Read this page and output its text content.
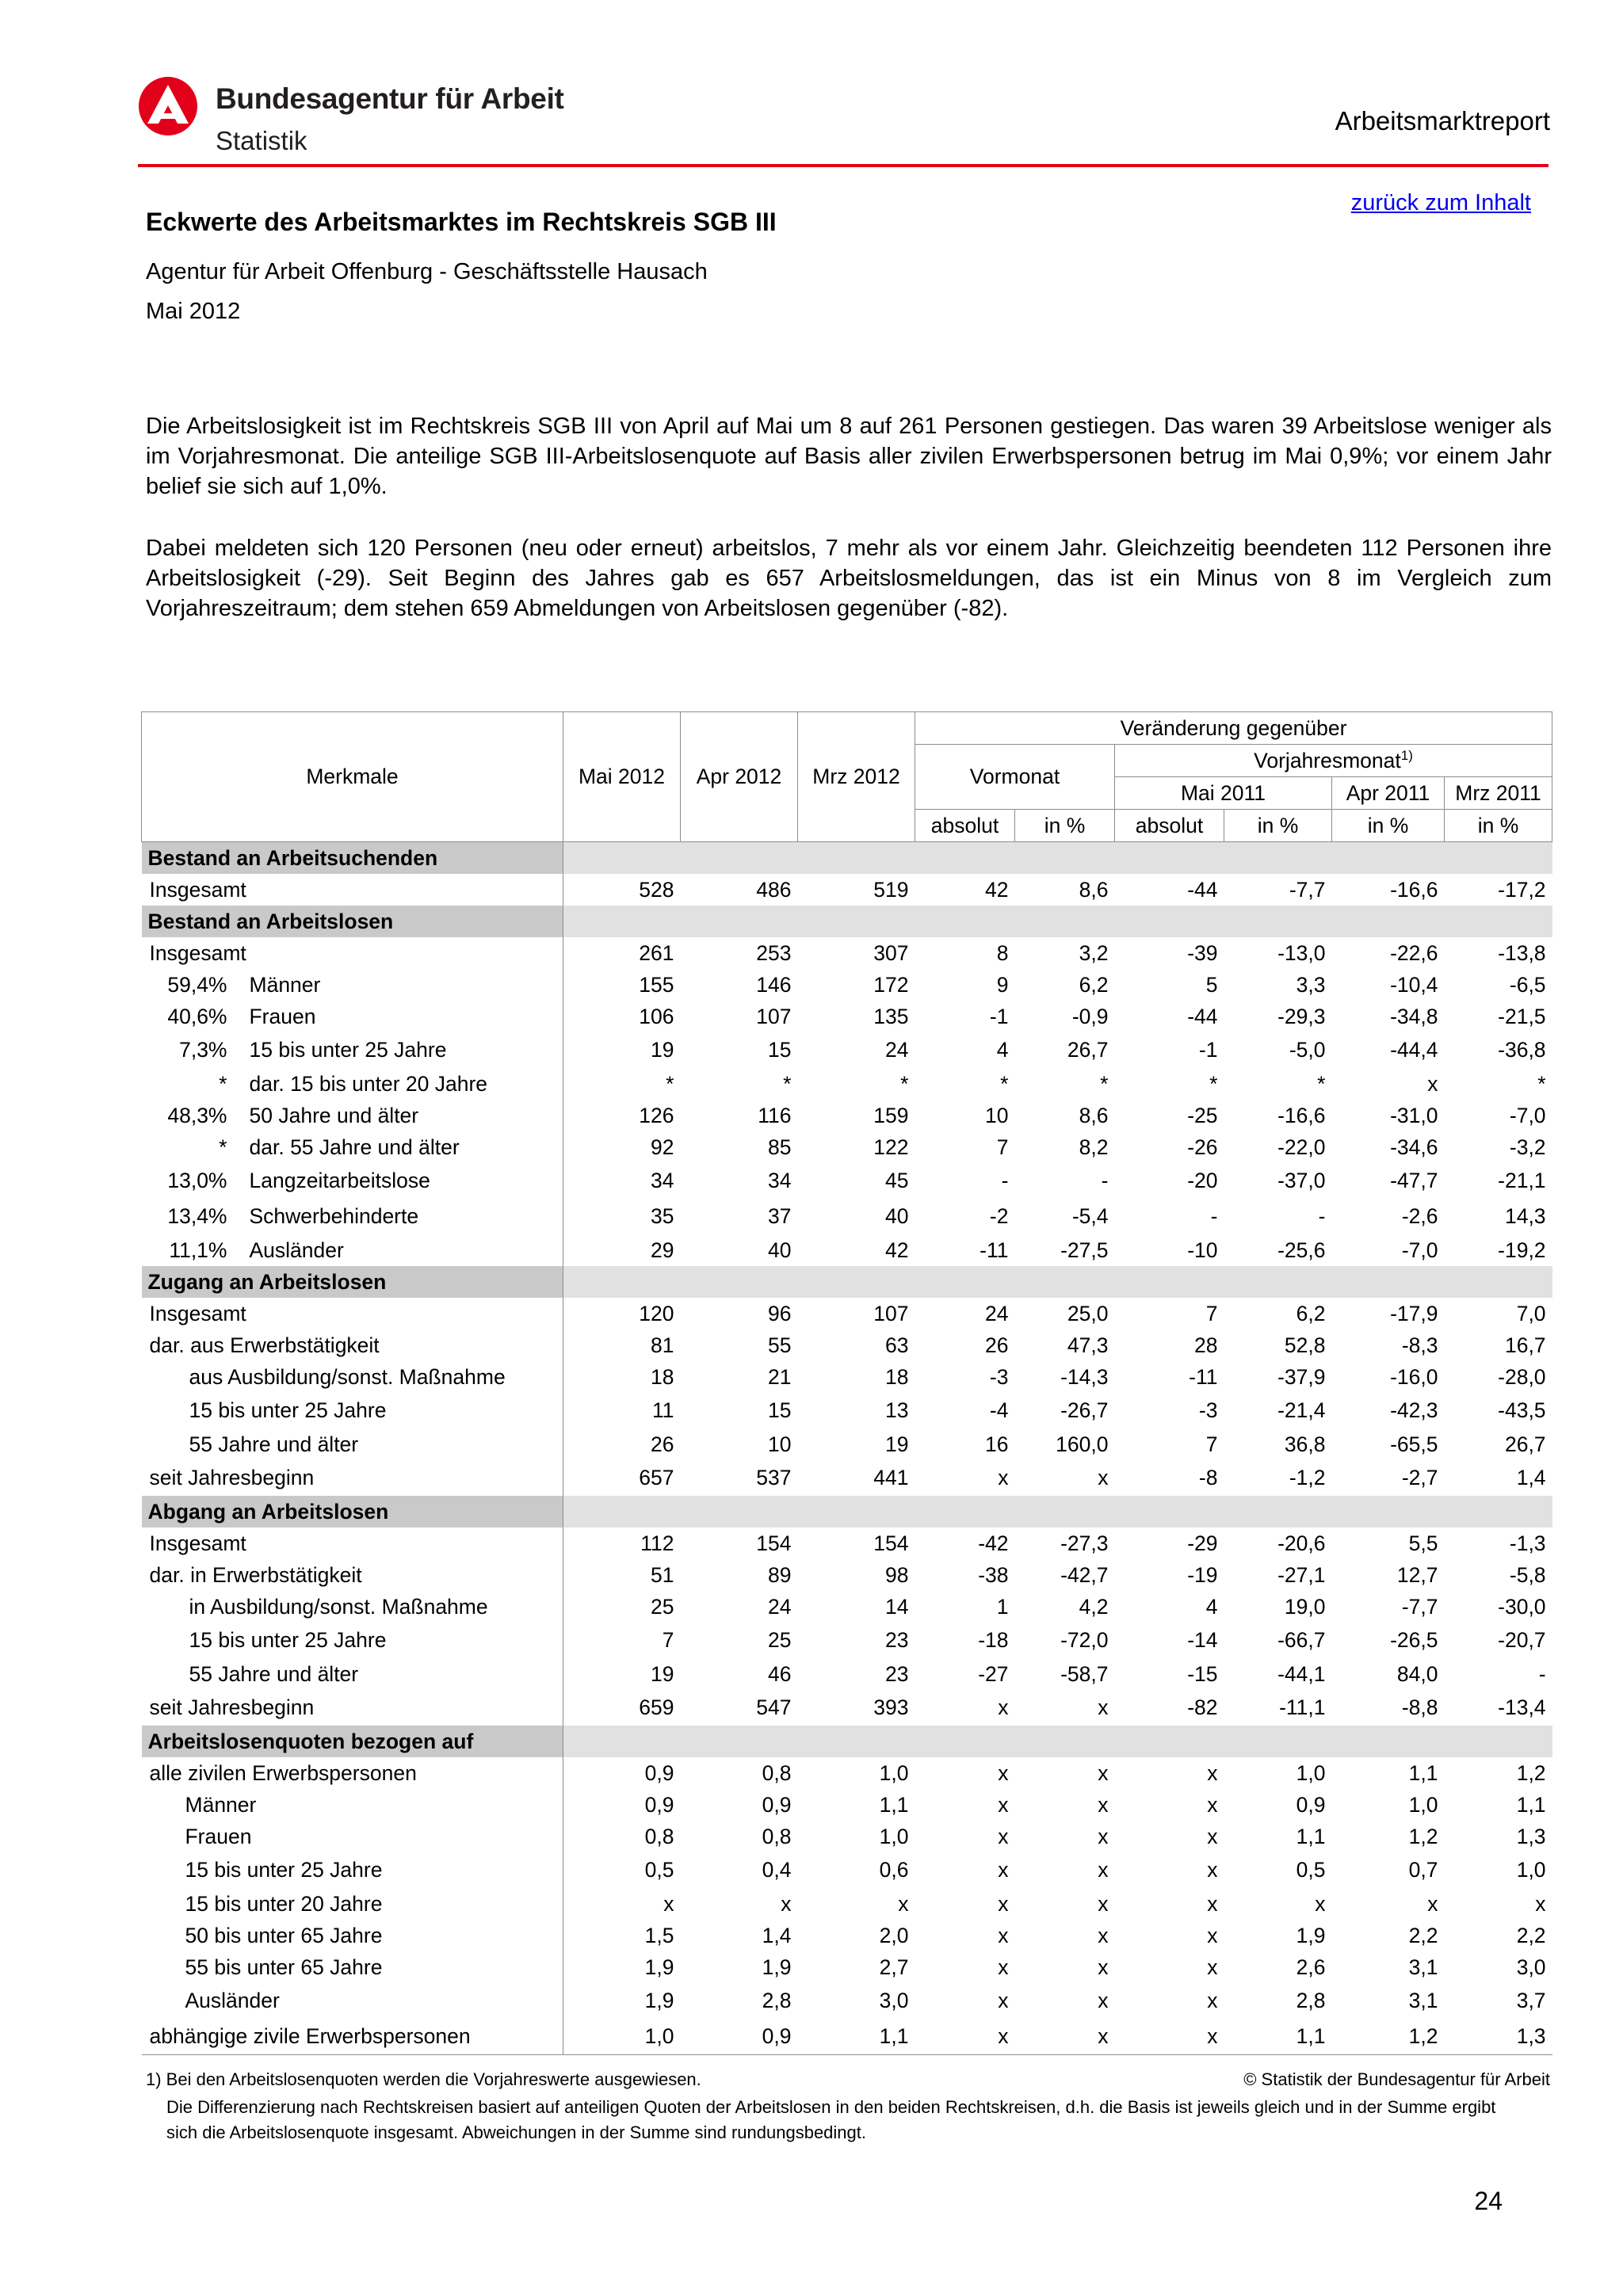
Bundesagentur für Arbeit
Statistik
Arbeitsmarktreport
zurück zum Inhalt
Eckwerte des Arbeitsmarktes im Rechtskreis SGB III
Agentur für Arbeit Offenburg - Geschäftsstelle Hausach
Mai 2012

Die Arbeitslosigkeit ist im Rechtskreis SGB III von April auf Mai um 8 auf 261 Personen gestiegen. Das waren 39 Arbeitslose weniger als im Vorjahresmonat. Die anteilige SGB III-Arbeitslosenquote auf Basis aller zivilen Erwerbspersonen betrug im Mai 0,9%; vor einem Jahr belief sie sich auf 1,0%.

Dabei meldeten sich 120 Personen (neu oder erneut) arbeitslos, 7 mehr als vor einem Jahr. Gleichzeitig beendeten 112 Personen ihre Arbeitslosigkeit (-29). Seit Beginn des Jahres gab es 657 Arbeitslosmeldungen, das ist ein Minus von 8 im Vergleich zum Vorjahreszeitraum; dem stehen 659 Abmeldungen von Arbeitslosen gegenüber (-82).

Merkmale	Mai 2012	Apr 2012	Mrz 2012	Veränderung gegenüber					
				Vormonat		Vorjahresmonat$^{1)}$
						Mai 2011		Apr 2011	Mrz 2011
				absolut	in %	absolut	in %	in %	in %
Bestand an Arbeitsuchenden									
Insgesamt	528	486	519	42	8,6	-44	-7,7	-16,6	-17,2
Bestand an Arbeitslosen									
Insgesamt	261	253	307	8	3,2	-39	-13,0	-22,6	-13,8
59,4% Männer	155	146	172	9	6,2	5	3,3	-10,4	-6,5
40,6% Frauen	106	107	135	-1	-0,9	-44	-29,3	-34,8	-21,5
7,3% 15 bis unter 25 Jahre	19	15	24	4	26,7	-1	-5,0	-44,4	-36,8
* dar. 15 bis unter 20 Jahre	*	*	*	*	*	*	*	x	*
48,3% 50 Jahre und älter	126	116	159	10	8,6	-25	-16,6	-31,0	-7,0
* dar. 55 Jahre und älter	92	85	122	7	8,2	-26	-22,0	-34,6	-3,2
13,0% Langzeitarbeitslose	34	34	45	-	-	-20	-37,0	-47,7	-21,1
13,4% Schwerbehinderte	35	37	40	-2	-5,4	-	-	-2,6	14,3
11,1% Ausländer	29	40	42	-11	-27,5	-10	-25,6	-7,0	-19,2
Zugang an Arbeitslosen									
Insgesamt	120	96	107	24	25,0	7	6,2	-17,9	7,0
dar. aus Erwerbstätigkeit	81	55	63	26	47,3	28	52,8	-8,3	16,7
aus Ausbildung/sonst. Maßnahme	18	21	18	-3	-14,3	-11	-37,9	-16,0	-28,0
15 bis unter 25 Jahre	11	15	13	-4	-26,7	-3	-21,4	-42,3	-43,5
55 Jahre und älter	26	10	19	16	160,0	7	36,8	-65,5	26,7
seit Jahresbeginn	657	537	441	x	x	-8	-1,2	-2,7	1,4
Abgang an Arbeitslosen									
Insgesamt	112	154	154	-42	-27,3	-29	-20,6	5,5	-1,3
dar. in Erwerbstätigkeit	51	89	98	-38	-42,7	-19	-27,1	12,7	-5,8
in Ausbildung/sonst. Maßnahme	25	24	14	1	4,2	4	19,0	-7,7	-30,0
15 bis unter 25 Jahre	7	25	23	-18	-72,0	-14	-66,7	-26,5	-20,7
55 Jahre und älter	19	46	23	-27	-58,7	-15	-44,1	84,0	-
seit Jahresbeginn	659	547	393	x	x	-82	-11,1	-8,8	-13,4
Arbeitslosenquoten bezogen auf									
alle zivilen Erwerbspersonen	0,9	0,8	1,0	x	x	x	1,0	1,1	1,2
Männer	0,9	0,9	1,1	x	x	x	0,9	1,0	1,1
Frauen	0,8	0,8	1,0	x	x	x	1,1	1,2	1,3
15 bis unter 25 Jahre	0,5	0,4	0,6	x	x	x	0,5	0,7	1,0
15 bis unter 20 Jahre	x	x	x	x	x	x	x	x	x
50 bis unter 65 Jahre	1,5	1,4	2,0	x	x	x	1,9	2,2	2,2
55 bis unter 65 Jahre	1,9	1,9	2,7	x	x	x	2,6	3,1	3,0
Ausländer	1,9	2,8	3,0	x	x	x	2,8	3,1	3,7
abhängige zivile Erwerbspersonen	1,0	0,9	1,1	x	x	x	1,1	1,2	1,3
1) Bei den Arbeitslosenquoten werden die Vorjahreswerte ausgewiesen.	© Statistik der Bundesagentur für Arbeit

Die Differenzierung nach Rechtskreisen basiert auf anteiligen Quoten der Arbeitslosen in den beiden Rechtskreisen, d.h. die Basis ist jeweils gleich und in der Summe ergibt sich die Arbeitslosenquote insgesamt. Abweichungen in der Summe sind rundungsbedingt.

24
